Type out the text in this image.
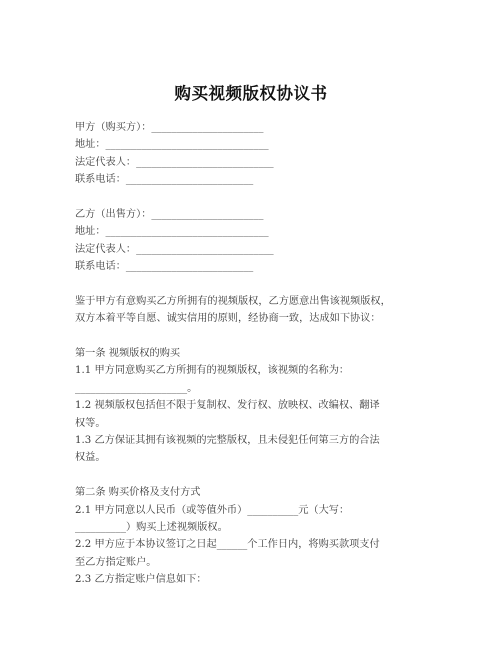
购买视频版权协议书
甲方（购买方）：______________________
地址：________________________________
法定代表人：___________________________
联系电话：_________________________
乙方（出售方）：______________________
地址：________________________________
法定代表人：___________________________
联系电话：_________________________
鉴于甲方有意购买乙方所拥有的视频版权，乙方愿意出售该视频版权，
双方本着平等自愿、诚实信用的原则，经协商一致，达成如下协议：
第一条 视频版权的购买
1.1 甲方同意购买乙方所拥有的视频版权，该视频的名称为：
______________________。
1.2 视频版权包括但不限于复制权、发行权、放映权、改编权、翻译
权等。
1.3 乙方保证其拥有该视频的完整版权，且未侵犯任何第三方的合法
权益。
第二条 购买价格及支付方式
2.1 甲方同意以人民币（或等值外币）__________元（大写：
__________）购买上述视频版权。
2.2 甲方应于本协议签订之日起______个工作日内，将购买款项支付
至乙方指定账户。
2.3 乙方指定账户信息如下：
